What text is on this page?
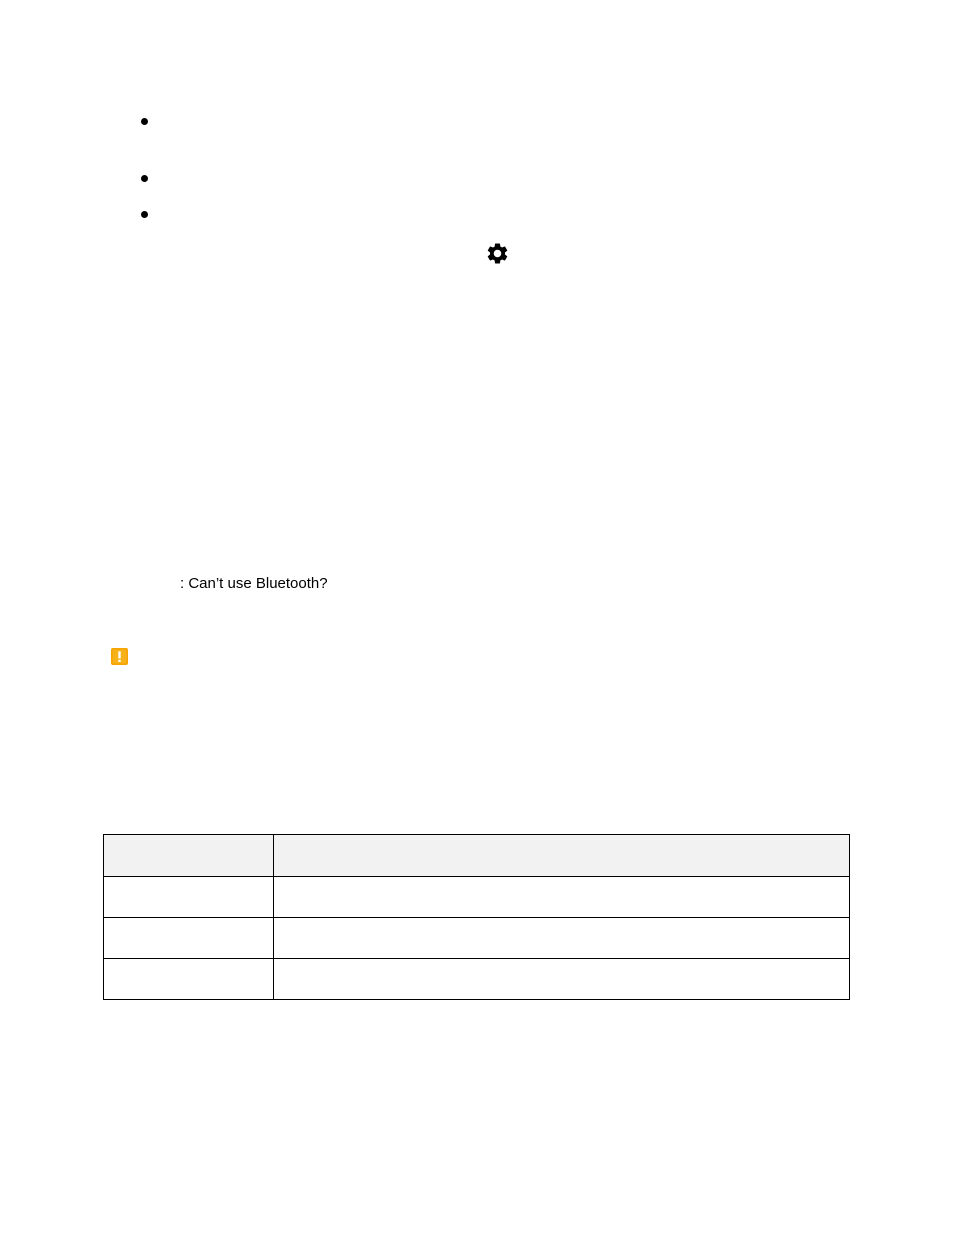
: Can’t use Bluetooth?
